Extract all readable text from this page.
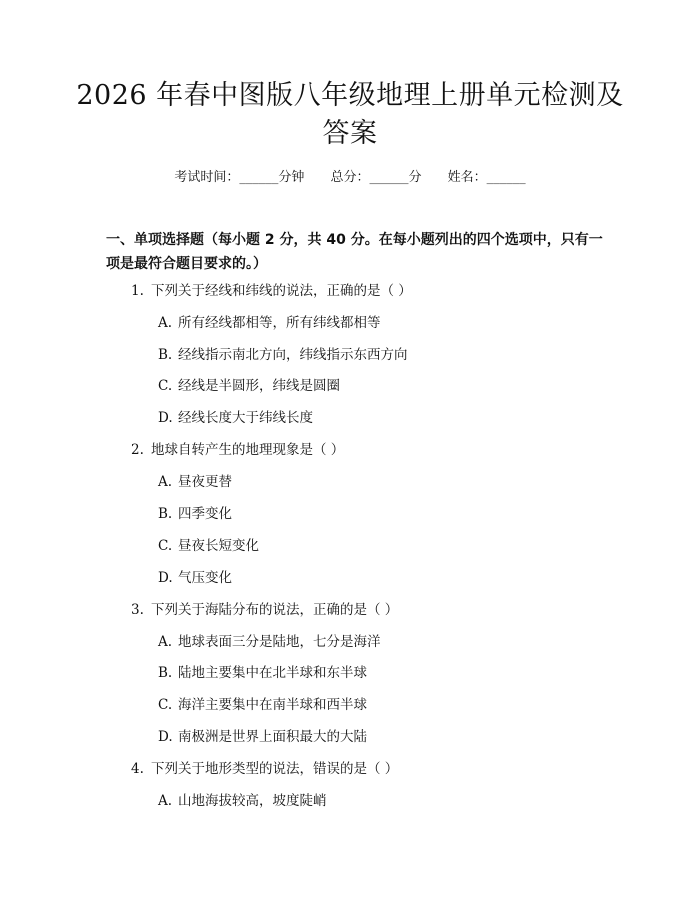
2026 年春中图版八年级地理上册单元检测及
答案
考试时间：______分钟 总分：______分 姓名：______
一、单项选择题（每小题 2 分，共 40 分。在每小题列出的四个选项中，只有一项是最符合题目要求的。）
1. 下列关于经线和纬线的说法，正确的是（ ）
A. 所有经线都相等，所有纬线都相等
B. 经线指示南北方向，纬线指示东西方向
C. 经线是半圆形，纬线是圆圈
D. 经线长度大于纬线长度
2. 地球自转产生的地理现象是（ ）
A. 昼夜更替
B. 四季变化
C. 昼夜长短变化
D. 气压变化
3. 下列关于海陆分布的说法，正确的是（ ）
A. 地球表面三分是陆地，七分是海洋
B. 陆地主要集中在北半球和东半球
C. 海洋主要集中在南半球和西半球
D. 南极洲是世界上面积最大的大陆
4. 下列关于地形类型的说法，错误的是（ ）
A. 山地海拔较高，坡度陡峭
